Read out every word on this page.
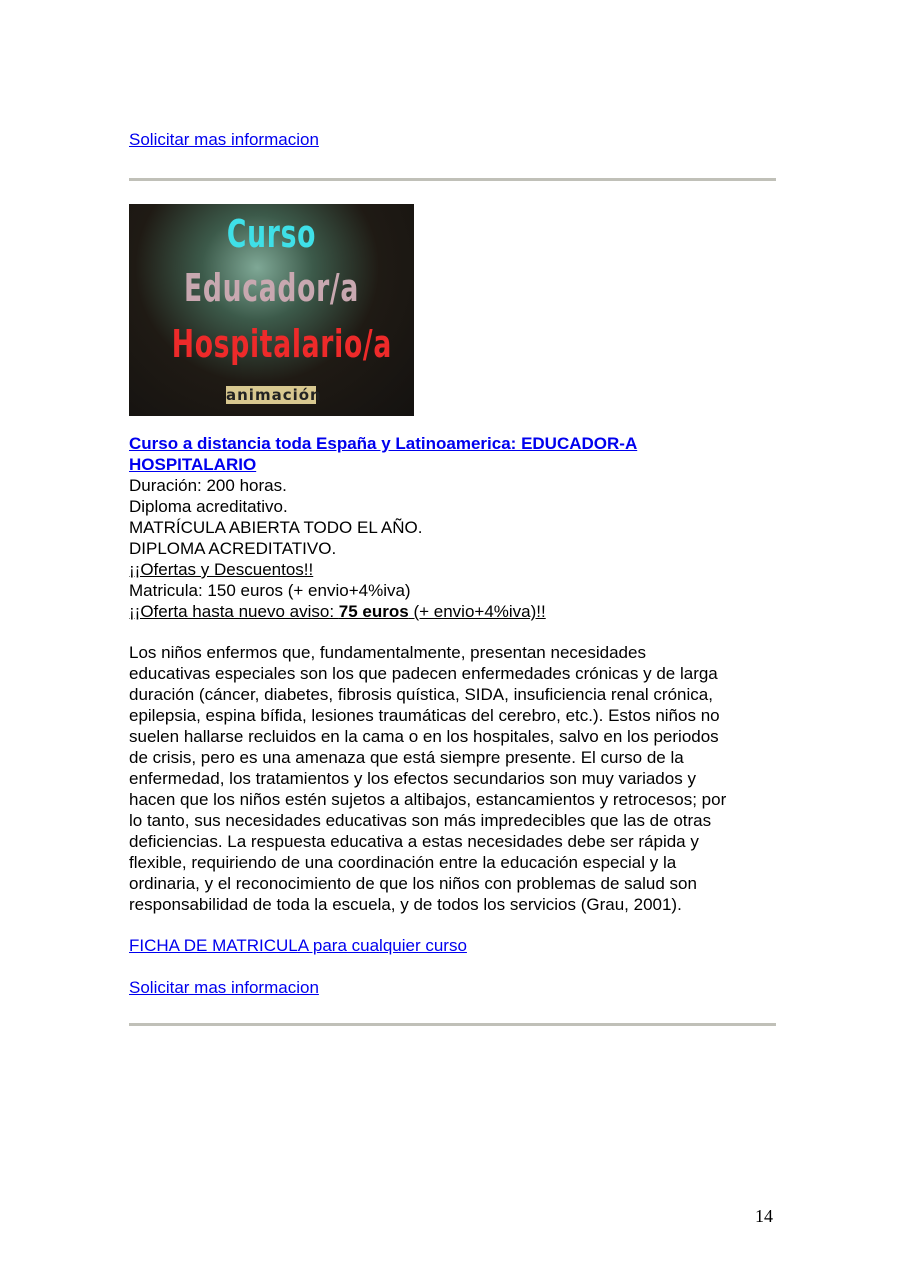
Solicitar mas informacion
Curso
Educador/a
Hospitalario/a
animación
Curso a distancia toda España y Latinoamerica: EDUCADOR-A
HOSPITALARIO
Duración: 200 horas.
Diploma acreditativo.
MATRÍCULA ABIERTA TODO EL AÑO.
DIPLOMA ACREDITATIVO.
¡¡Ofertas y Descuentos!!
Matricula: 150 euros (+ envio+4%iva)
¡¡Oferta hasta nuevo aviso: 75 euros (+ envio+4%iva)!!
Los niños enfermos que, fundamentalmente, presentan necesidades
educativas especiales son los que padecen enfermedades crónicas y de larga
duración (cáncer, diabetes, fibrosis quística, SIDA, insuficiencia renal crónica,
epilepsia, espina bífida, lesiones traumáticas del cerebro, etc.). Estos niños no
suelen hallarse recluidos en la cama o en los hospitales, salvo en los periodos
de crisis, pero es una amenaza que está siempre presente. El curso de la
enfermedad, los tratamientos y los efectos secundarios son muy variados y
hacen que los niños estén sujetos a altibajos, estancamientos y retrocesos; por
lo tanto, sus necesidades educativas son más impredecibles que las de otras
deficiencias. La respuesta educativa a estas necesidades debe ser rápida y
flexible, requiriendo de una coordinación entre la educación especial y la
ordinaria, y el reconocimiento de que los niños con problemas de salud son
responsabilidad de toda la escuela, y de todos los servicios (Grau, 2001).
FICHA DE MATRICULA para cualquier curso
Solicitar mas informacion
14
